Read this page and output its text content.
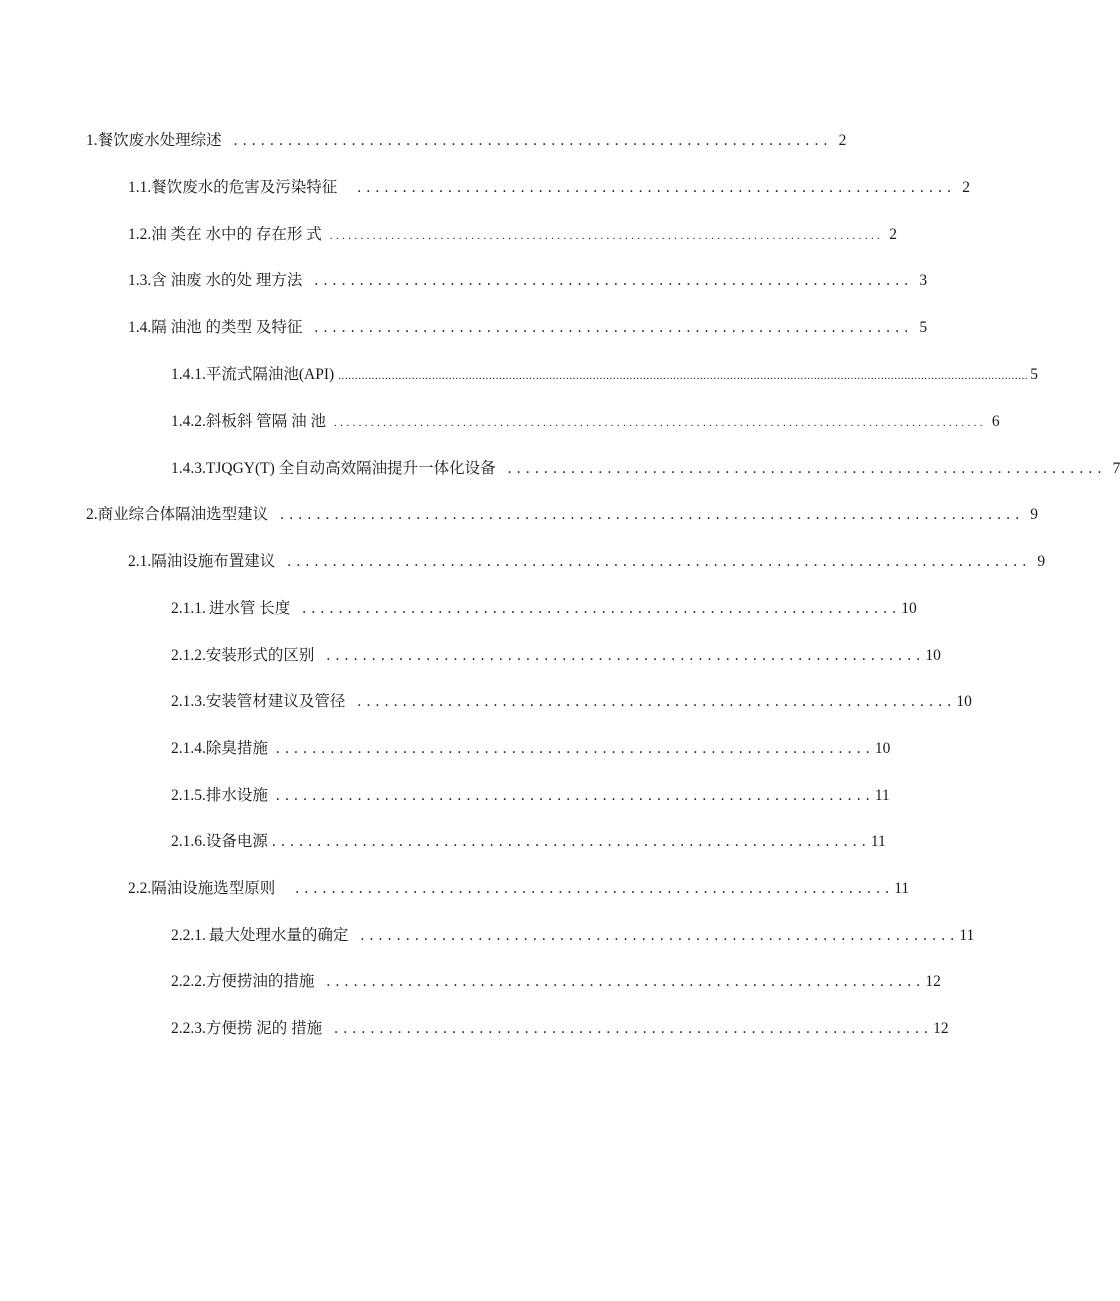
1. 餐饮废水处理综述 .................................................................. 2
1.1. 餐饮废水的危害及污染特征	.................................................................. 2
1.2. 油 类在 水中的 存在形 式 .......................................................................................... 2
1.3. 含 油废 水的处 理方法 .................................................................. 3
1.4. 隔 油池 的类型 及特征 .................................................................. 5
1.4.1. 平流式隔油池(API) .............................................................................................................................................................................................................. 5
1.4.2. 斜板斜 管隔 油 池 .......................................................................................................... 6
1.4.3. TJQGY(T) 全自动高效隔油提升一体化设备 .................................................................. 7
2. 商业综合体隔油选型建议 .................................................................................. 9
2.1. 隔油设施布置建议 .................................................................................. 9
2.1.1. 进水管 长度 .................................................................. 10
2.1.2. 安装形式的区别 .................................................................. 10
2.1.3. 安装管材建议及管径 .................................................................. 10
2.1.4. 除臭措施 .................................................................. 10
2.1.5. 排水设施 .................................................................. 11
2.1.6. 设备电源 .................................................................. 11
2.2. 隔油设施选型原则	.................................................................. 11
2.2.1. 最大处理水量的确定 .................................................................. 11
2.2.2. 方便捞油的措施 .................................................................. 12
2.2.3. 方便捞 泥的 措施 .................................................................. 12
